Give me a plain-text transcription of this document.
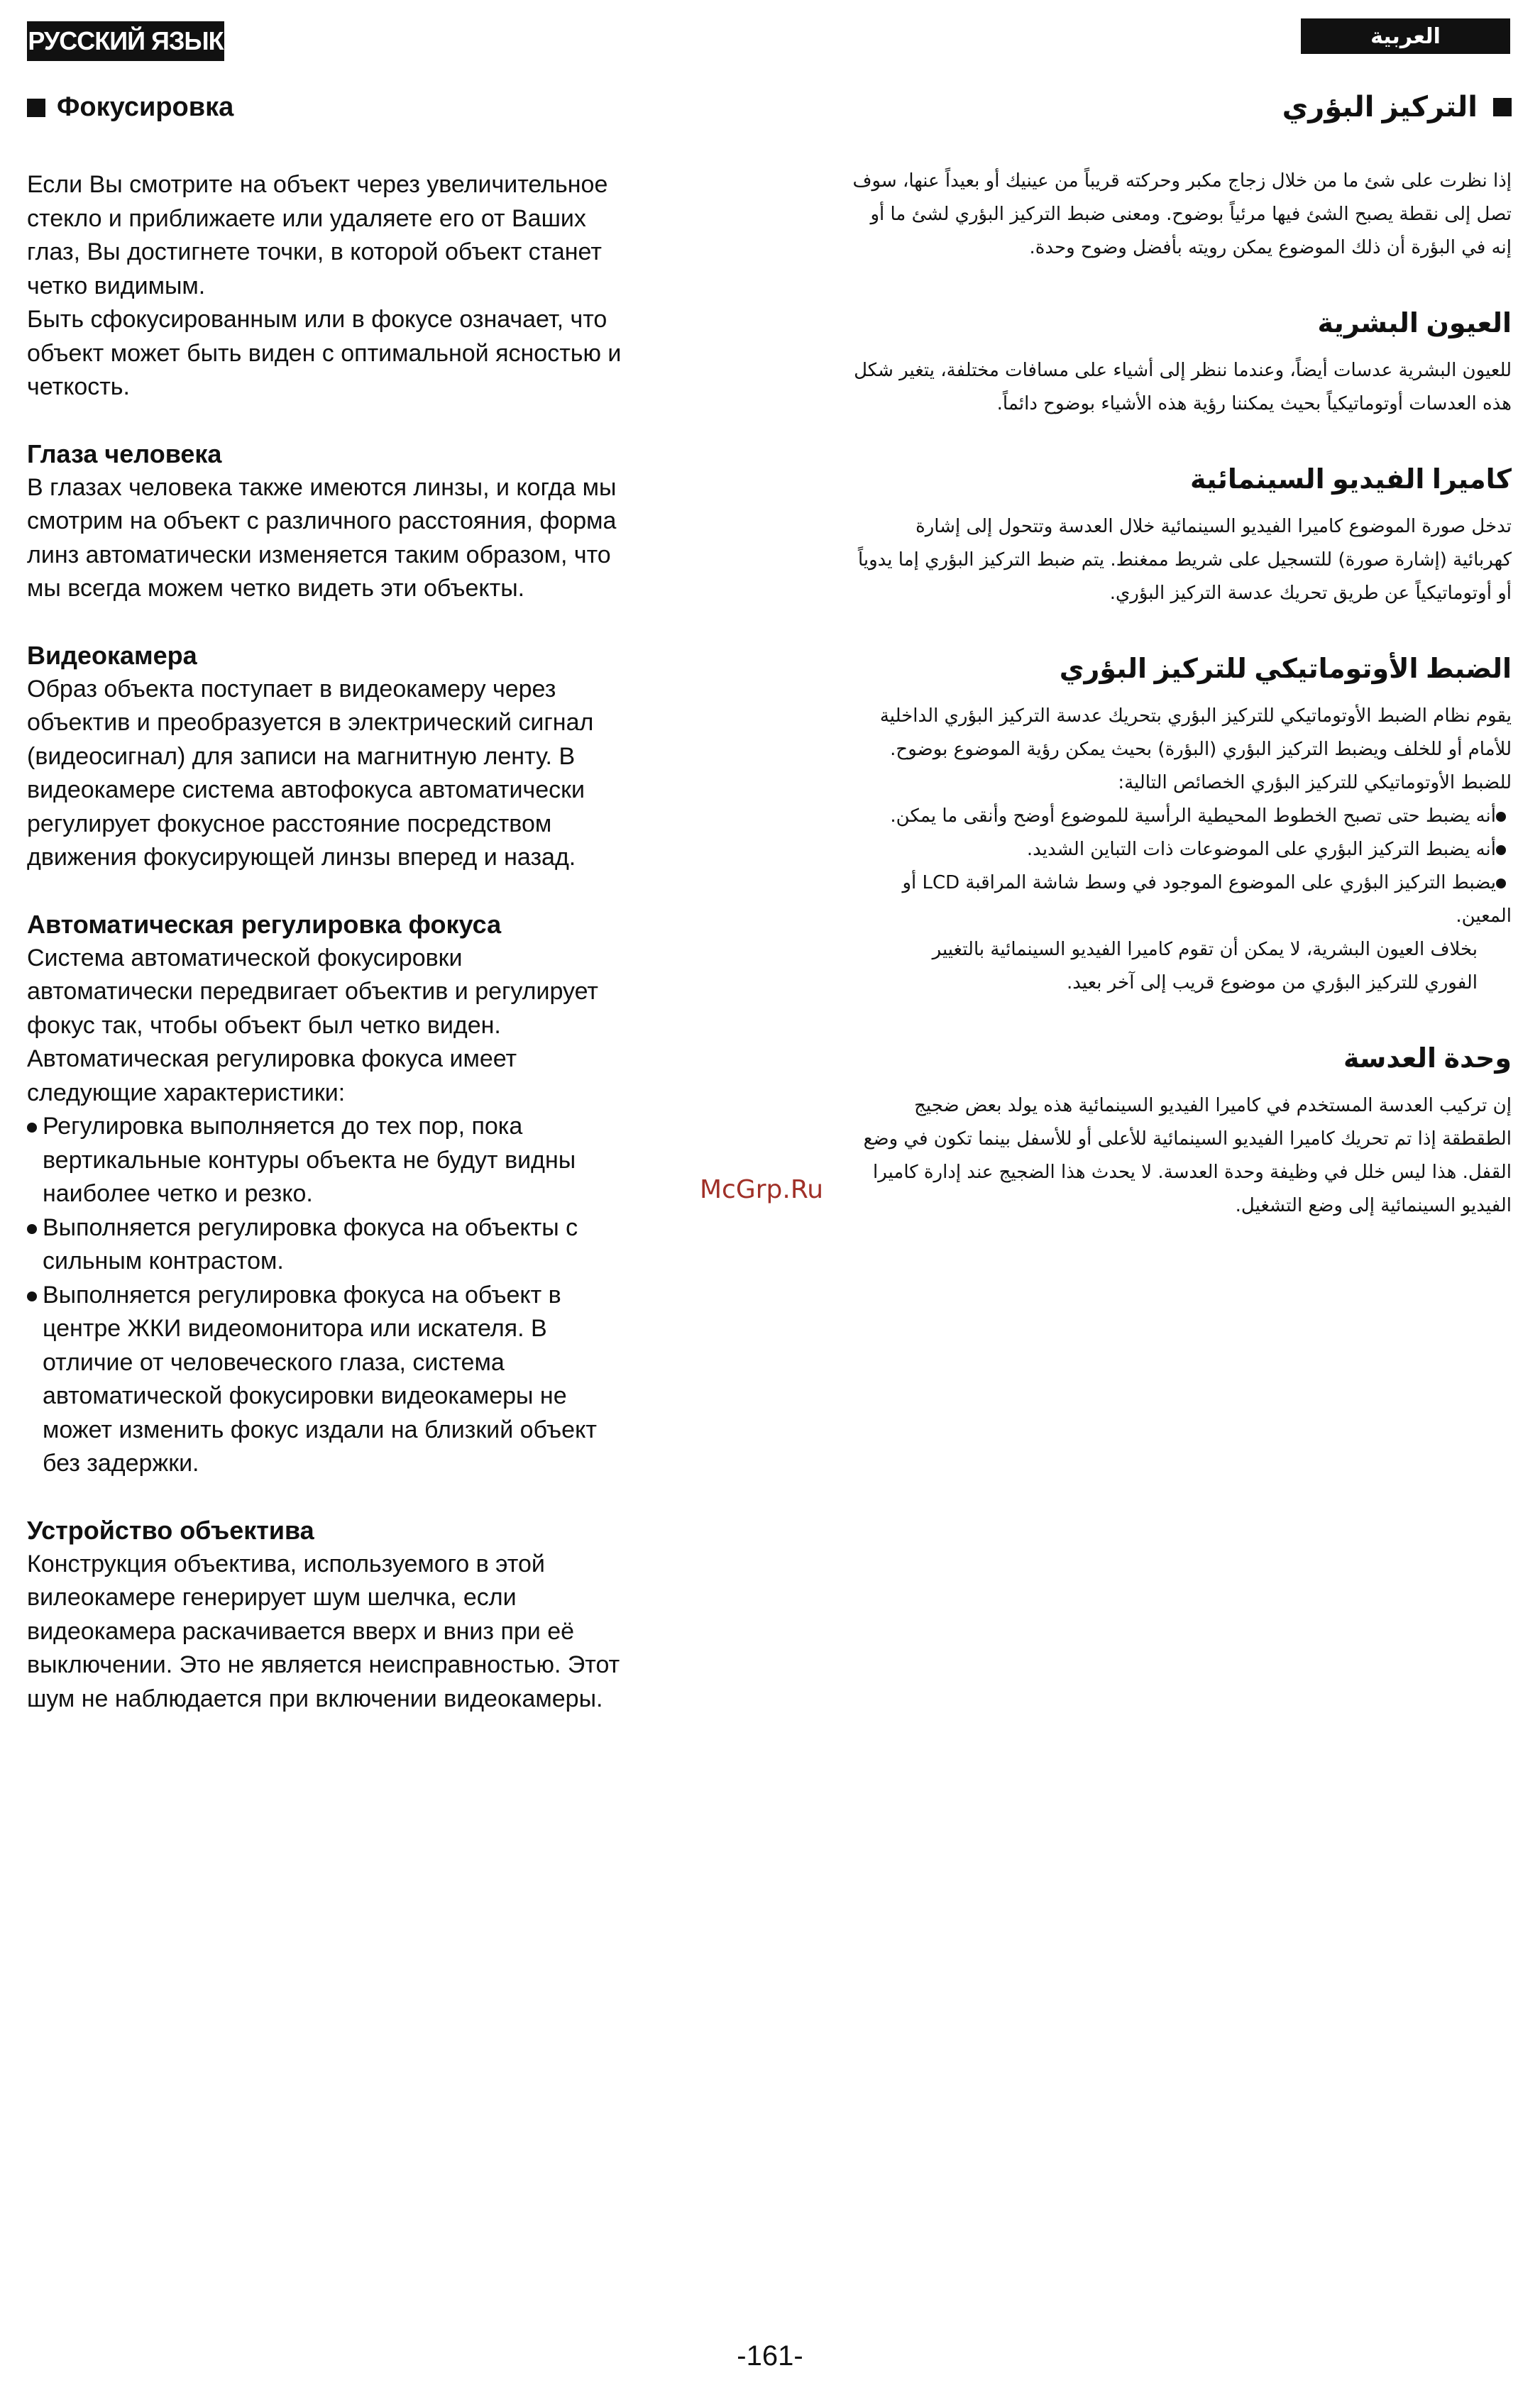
РУССКИЙ ЯЗЫК	العربية
Фокусировка

Если Вы смотрите на объект через увеличительное

стекло и приближаете или удаляете его от Ваших

глаз, Вы достигнете точки, в которой объект станет

четко видимым.

Быть сфокусированным или в фокусе означает, что

объект может быть виден с оптимальной ясностью и

четкость.

Глаза человека

В глазах человека также имеются линзы, и когда мы

смотрим на объект с различного расстояния, форма

линз автоматически изменяется таким образом, что

мы всегда можем четко видеть эти объекты.

Видеокамера

Образ объекта поступает в видеокамеру через

объектив и преобразуется в электрический сигнал

(видеосигнал) для записи на магнитную ленту. В

видеокамере система автофокуса автоматически

регулирует фокусное расстояние посредством

движения фокусирующей линзы вперед и назад.

Автоматическая регулировка фокуса

Система автоматической фокусировки

автоматически передвигает объектив и регулирует

фокус так, чтобы объект был четко виден.

Автоматическая регулировка фокуса имеет

следующие характеристики:

Регулировка выполняется до тех пор, пока
вертикальные контуры объекта не будут видны
наиболее четко и резко.
Выполняется регулировка фокуса на объекты с
сильным контрастом.
Выполняется регулировка фокуса на объект в
центре ЖКИ видеомонитора или искателя. В
отличие от человеческого глаза, система
автоматической фокусировки видеокамеры не
может изменить фокус издали на близкий объект
без задержки.
Устройство объектива

Конструкция объектива, используемого в этой

вилеокамере генерирует шум шелчка, если

видеокамера раскачивается вверх и вниз при её

выключении. Это не является неисправностью. Этот

шум не наблюдается при включении видеокамеры.

التركيز البؤري

إذا نظرت على شئ ما من خلال زجاج مكبر وحركته قريباً من عينيك أو بعيداً عنها، سوف

تصل إلى نقطة يصبح الشئ فيها مرئياً بوضوح. ومعنى ضبط التركيز البؤري لشئ ما أو

إنه في البؤرة أن ذلك الموضوع يمكن رويته بأفضل وضوح وحدة.

العيون البشرية

للعيون البشرية عدسات أيضاً، وعندما ننظر إلى أشياء على مسافات مختلفة، يتغير شكل

هذه العدسات أوتوماتيكياً بحيث يمكننا رؤية هذه الأشياء بوضوح دائماً.

كاميرا الفيديو السينمائية

تدخل صورة الموضوع كاميرا الفيديو السينمائية خلال العدسة وتتحول إلى إشارة

كهربائية (إشارة صورة) للتسجيل على شريط ممغنط. يتم ضبط التركيز البؤري إما يدوياً

أو أوتوماتيكياً عن طريق تحريك عدسة التركيز البؤري.

الضبط الأوتوماتيكي للتركيز البؤري

يقوم نظام الضبط الأوتوماتيكي للتركيز البؤري بتحريك عدسة التركيز البؤري الداخلية

للأمام أو للخلف ويضبط التركيز البؤري (البؤرة) بحيث يمكن رؤية الموضوع بوضوح.

للضبط الأوتوماتيكي للتركيز البؤري الخصائص التالية:

أنه يضبط حتى تصبح الخطوط المحيطية الرأسية للموضوع أوضح وأنقى ما يمكن.
أنه يضبط التركيز البؤري على الموضوعات ذات التباين الشديد.
يضبط التركيز البؤري على الموضوع الموجود في وسط شاشة المراقبة LCD أو
المعين.

بخلاف العيون البشرية، لا يمكن أن تقوم كاميرا الفيديو السينمائية بالتغيير

الفوري للتركيز البؤري من موضوع قريب إلى آخر بعيد.

وحدة العدسة

إن تركيب العدسة المستخدم في كاميرا الفيديو السينمائية هذه يولد بعض ضجيج

الطقطقة إذا تم تحريك كاميرا الفيديو السينمائية للأعلى أو للأسفل بينما تكون في وضع

القفل. هذا ليس خلل في وظيفة وحدة العدسة. لا يحدث هذا الضجيج عند إدارة كاميرا

الفيديو السينمائية إلى وضع التشغيل.

McGrp.Ru
-161-
